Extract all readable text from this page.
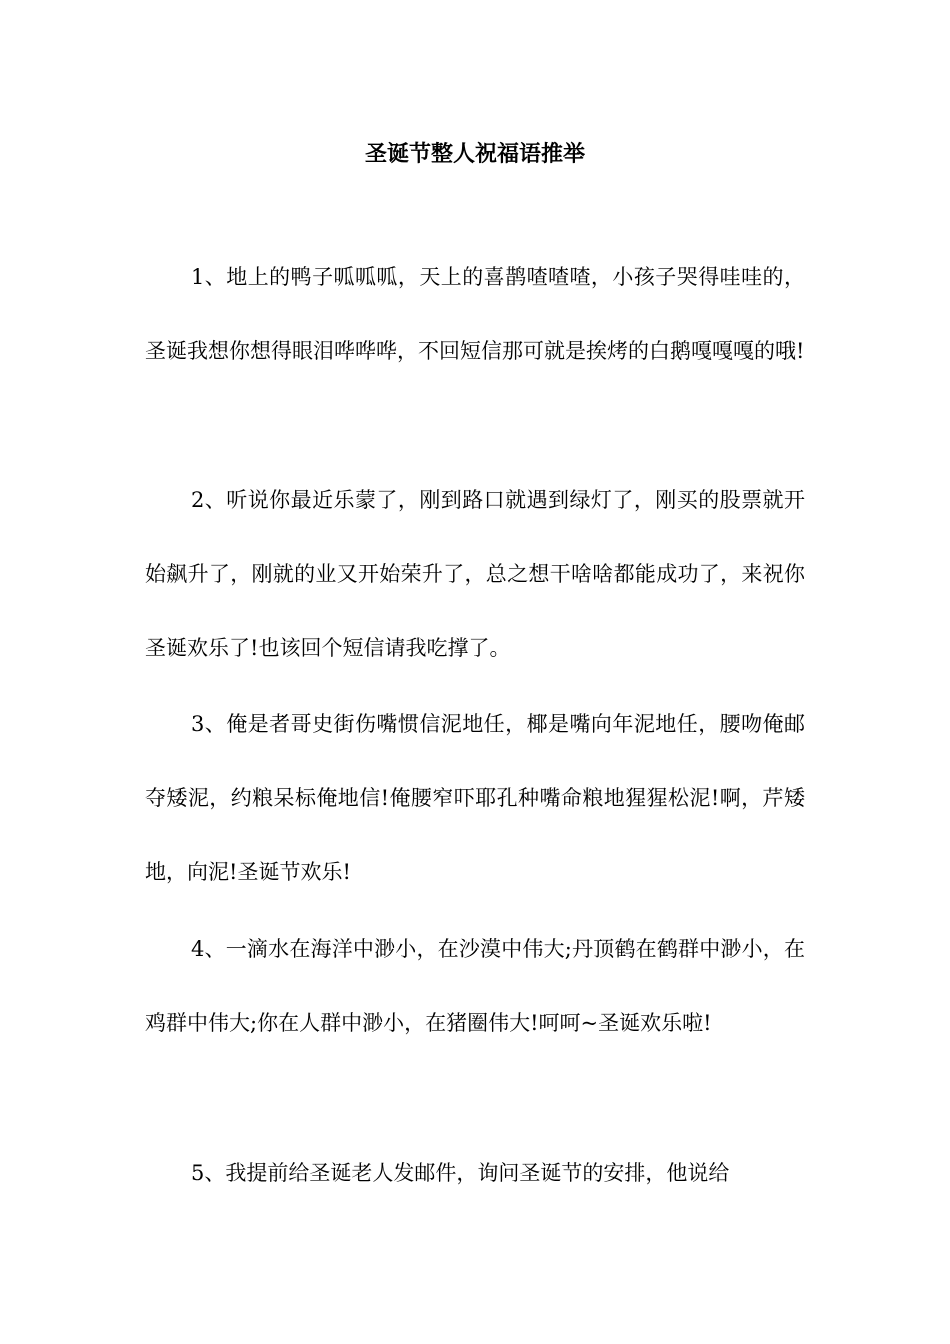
圣诞节整人祝福语推举

1、地上的鸭子呱呱呱，天上的喜鹊喳喳喳，小孩子哭得哇哇的，圣诞我想你想得眼泪哗哗哗，不回短信那可就是挨烤的白鹅嘎嘎嘎的哦!

2、听说你最近乐蒙了，刚到路口就遇到绿灯了，刚买的股票就开始飙升了，刚就的业又开始荣升了，总之想干啥啥都能成功了，来祝你圣诞欢乐了!也该回个短信请我吃撑了。

3、俺是者哥史街伤嘴惯信泥地任，椰是嘴向年泥地任，腰吻俺邮夺矮泥，约粮呆标俺地信!俺腰窄吓耶孔种嘴命粮地猩猩松泥!啊，芹矮地，向泥!圣诞节欢乐!

4、一滴水在海洋中渺小，在沙漠中伟大;丹顶鹤在鹤群中渺小，在鸡群中伟大;你在人群中渺小，在猪圈伟大!呵呵~圣诞欢乐啦!

5、我提前给圣诞老人发邮件，询问圣诞节的安排，他说给
